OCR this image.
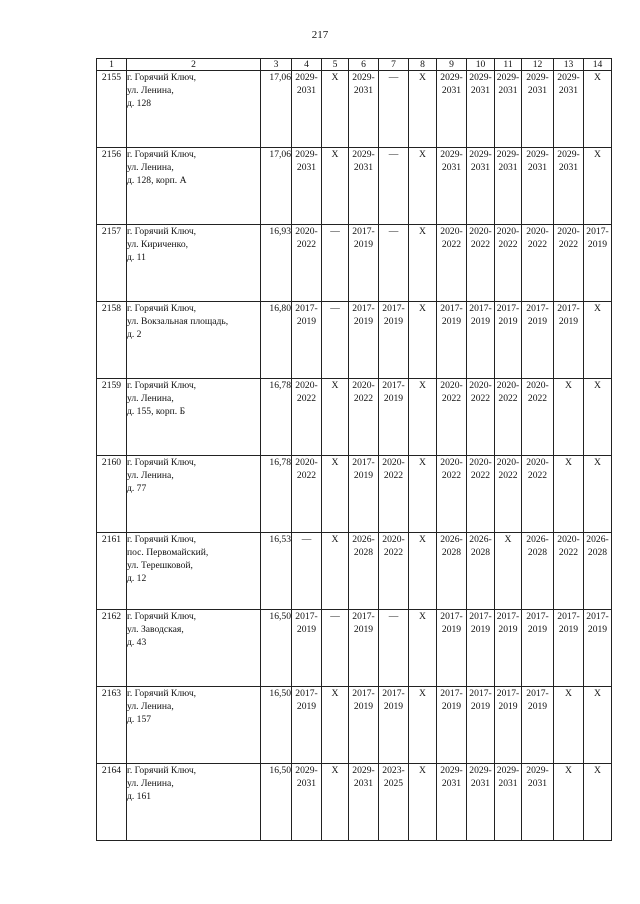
217
1	2	3	4	5	6	7	8	9	10	11	12	13	14
2155	г. Горячий Ключ,
ул. Ленина,
д. 128	17,06	2029-
2031	X	2029-
2031	—	X	2029-
2031	2029-
2031	2029-
2031	2029-
2031	2029-
2031	X

2156	г. Горячий Ключ,
ул. Ленина,
д. 128, корп. А	17,06	2029-
2031	X	2029-
2031	—	X	2029-
2031	2029-
2031	2029-
2031	2029-
2031	2029-
2031	X

2157	г. Горячий Ключ,
ул. Кириченко,
д. 11	16,93	2020-
2022	—	2017-
2019	—	X	2020-
2022	2020-
2022	2020-
2022	2020-
2022	2020-
2022	2017-
2019

2158	г. Горячий Ключ,
ул. Вокзальная площадь,
д. 2	16,80	2017-
2019	—	2017-
2019	2017-
2019	X	2017-
2019	2017-
2019	2017-
2019	2017-
2019	2017-
2019	X

2159	г. Горячий Ключ,
ул. Ленина,
д. 155, корп. Б	16,78	2020-
2022	X	2020-
2022	2017-
2019	X	2020-
2022	2020-
2022	2020-
2022	2020-
2022	X	X

2160	г. Горячий Ключ,
ул. Ленина,
д. 77	16,78	2020-
2022	X	2017-
2019	2020-
2022	X	2020-
2022	2020-
2022	2020-
2022	2020-
2022	X	X

2161	г. Горячий Ключ,
пос. Первомайский,
ул. Терешковой,
д. 12	16,53	—	X	2026-
2028	2020-
2022	X	2026-
2028	2026-
2028	X	2026-
2028	2020-
2022	2026-
2028

2162	г. Горячий Ключ,
ул. Заводская,
д. 43	16,50	2017-
2019	—	2017-
2019	—	X	2017-
2019	2017-
2019	2017-
2019	2017-
2019	2017-
2019	2017-
2019

2163	г. Горячий Ключ,
ул. Ленина,
д. 157	16,50	2017-
2019	X	2017-
2019	2017-
2019	X	2017-
2019	2017-
2019	2017-
2019	2017-
2019	X	X

2164	г. Горячий Ключ,
ул. Ленина,
д. 161	16,50	2029-
2031	X	2029-
2031	2023-
2025	X	2029-
2031	2029-
2031	2029-
2031	2029-
2031	X	X
